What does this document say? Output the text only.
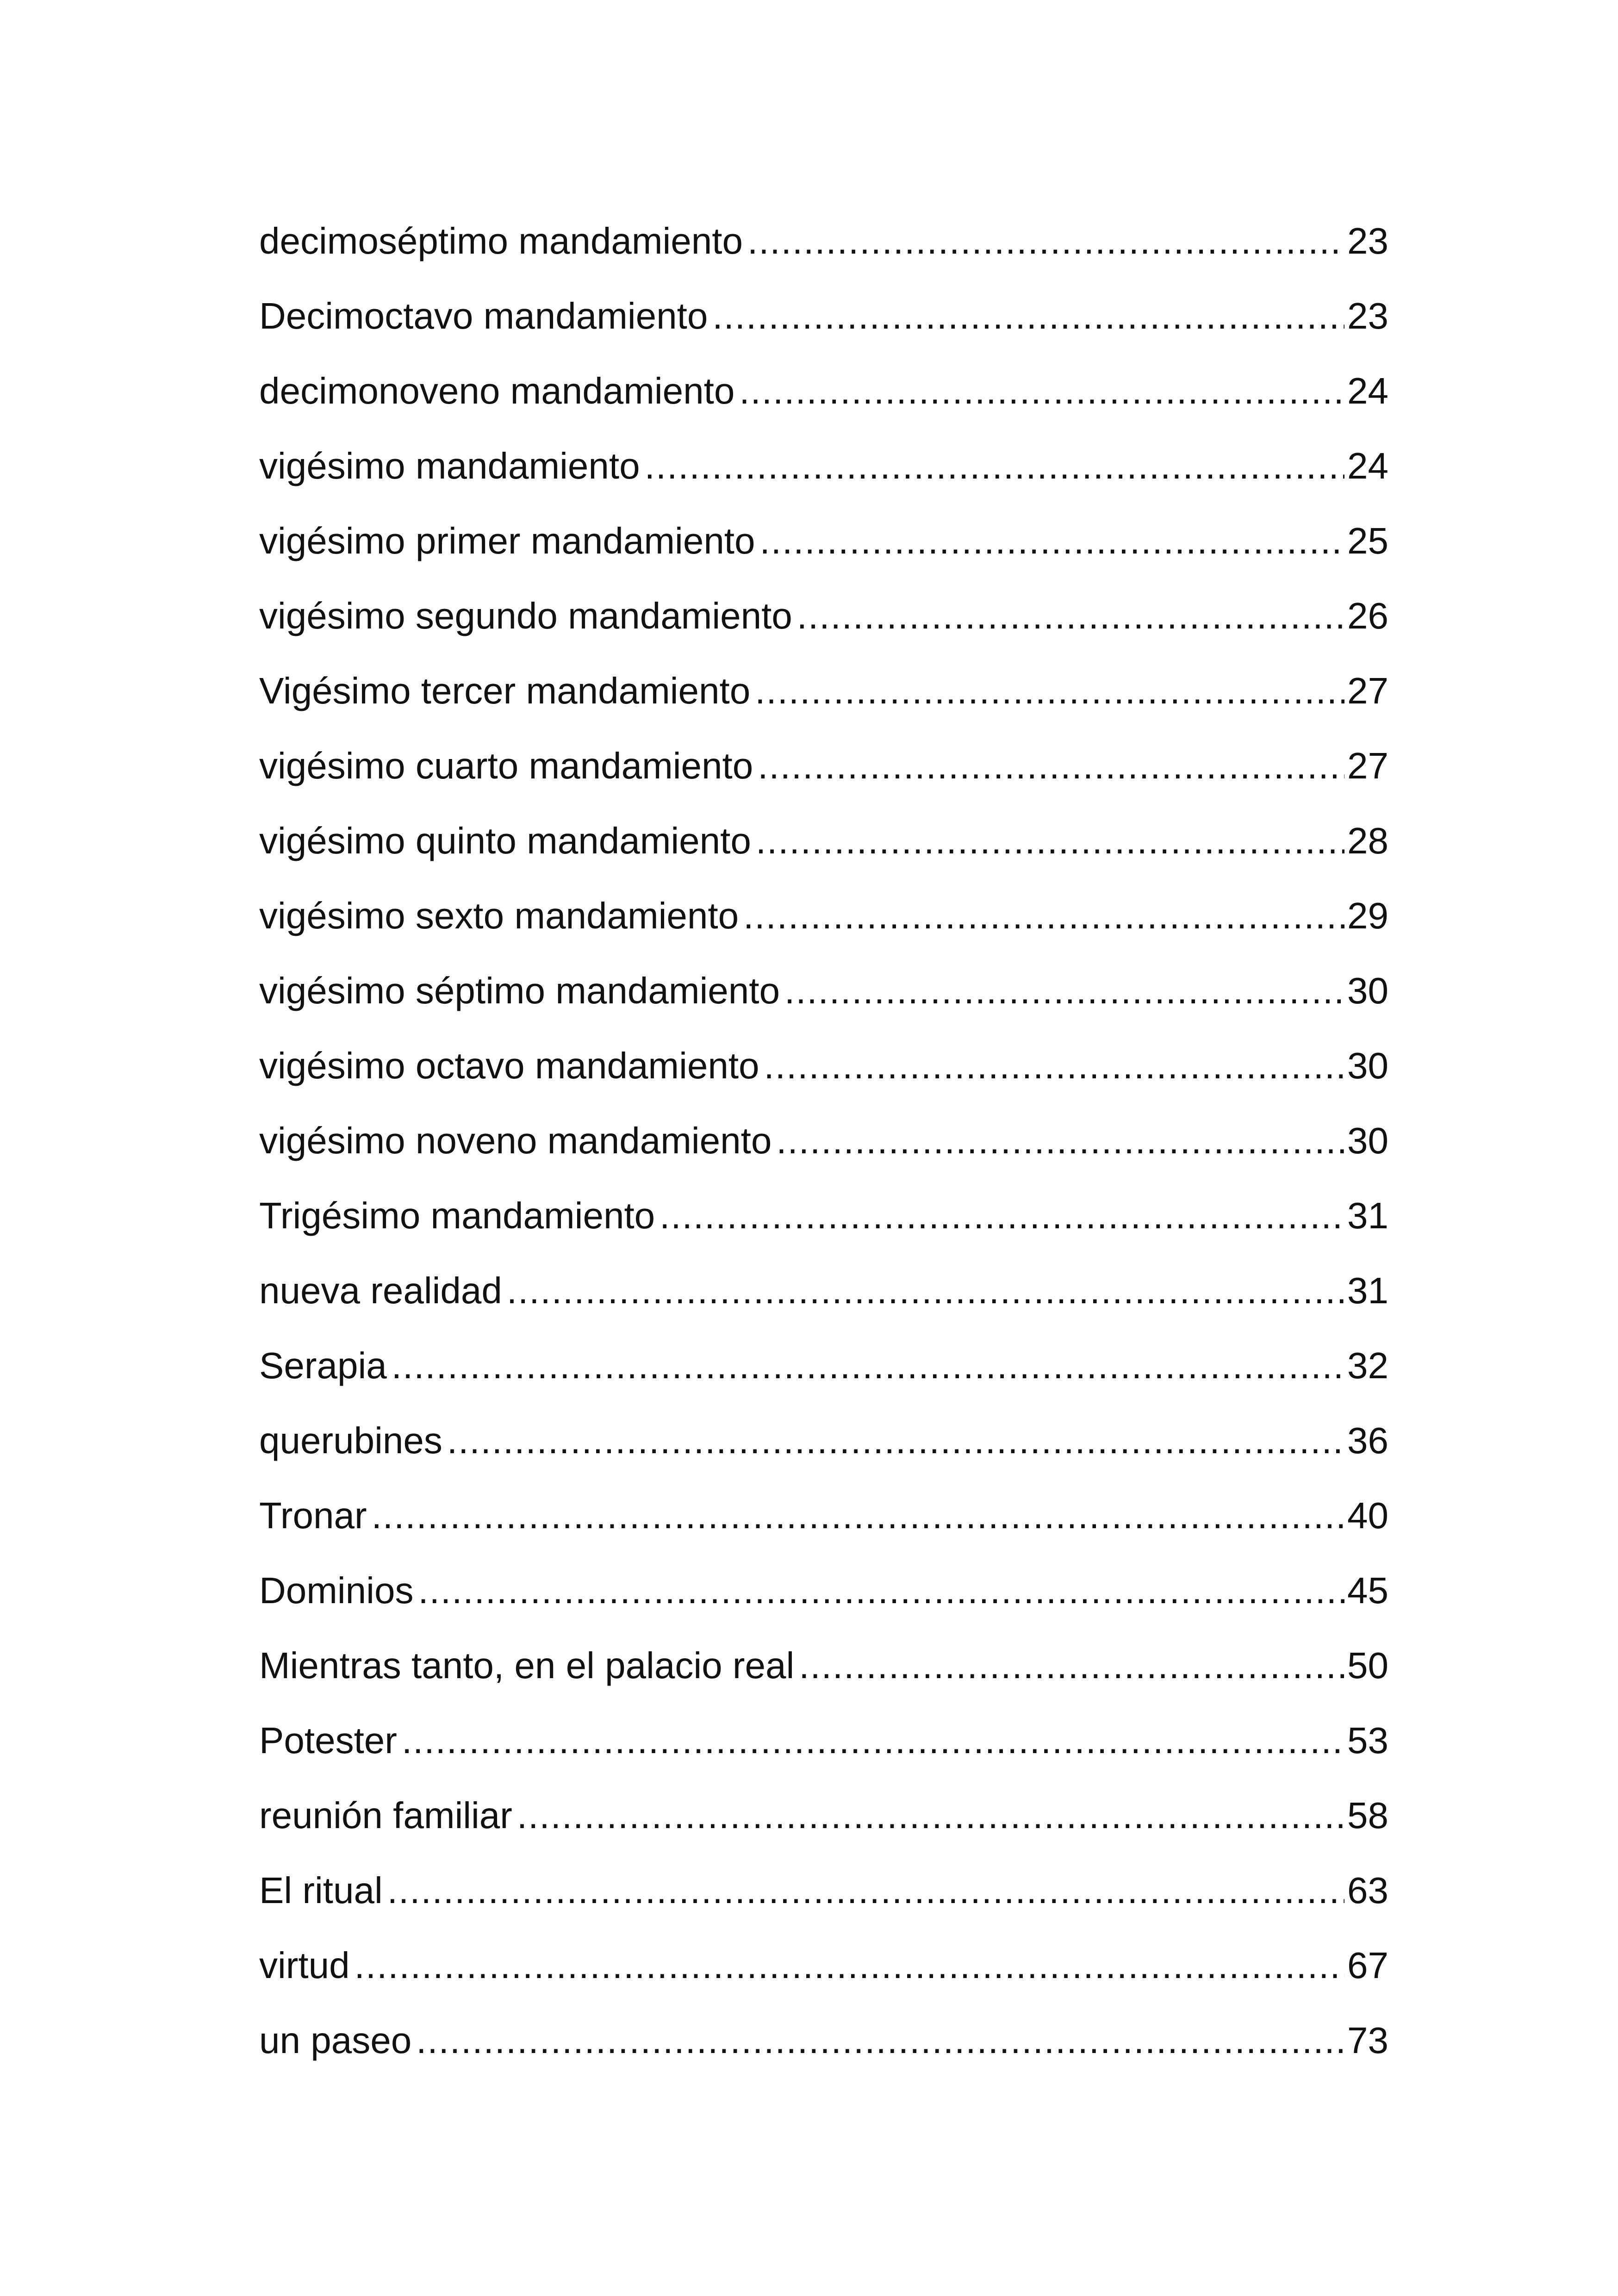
decimoséptimo mandamiento .....	23
Decimoctavo mandamiento .....	23
decimonoveno mandamiento .....	24
vigésimo mandamiento .....	24
vigésimo primer mandamiento .....	25
vigésimo segundo mandamiento .....	26
Vigésimo tercer mandamiento .....	27
vigésimo cuarto mandamiento .....	27
vigésimo quinto mandamiento .....	28
vigésimo sexto mandamiento .....	29
vigésimo séptimo mandamiento .....	30
vigésimo octavo mandamiento .....	30
vigésimo noveno mandamiento .....	30
Trigésimo mandamiento .....	31
nueva realidad .....	31
Serapia .....	32
querubines .....	36
Tronar .....	40
Dominios .....	45
Mientras tanto, en el palacio real .....	50
Potester .....	53
reunión familiar .....	58
El ritual .....	63
virtud .....	67
un paseo .....	73
